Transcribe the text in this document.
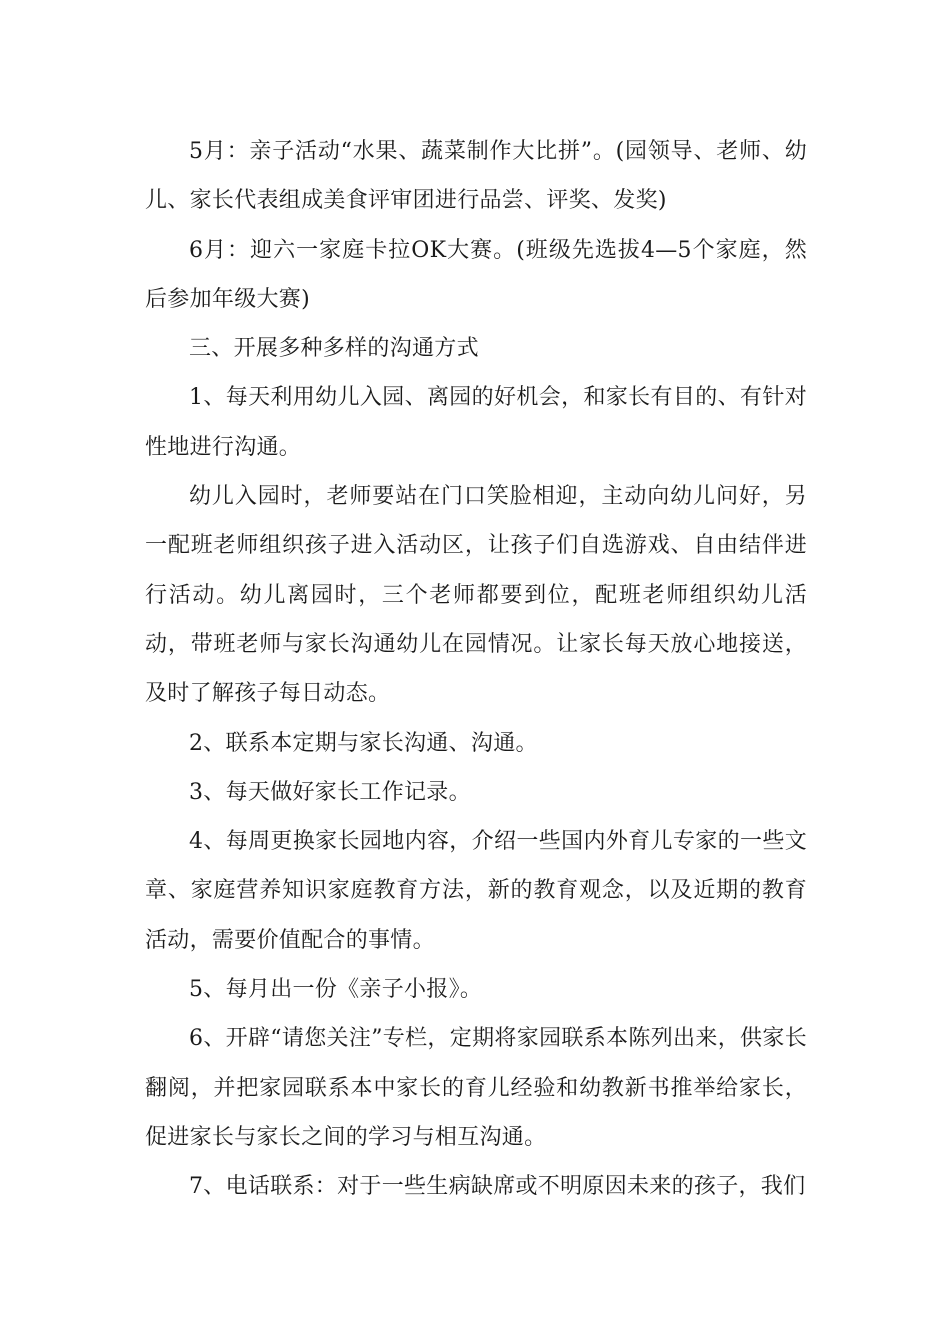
5月：亲子活动“水果、蔬菜制作大比拼”。(园领导、老师、幼儿、家长代表组成美食评审团进行品尝、评奖、发奖)

6月：迎六一家庭卡拉OK大赛。(班级先选拔4—5个家庭，然后参加年级大赛)

三、开展多种多样的沟通方式

1、每天利用幼儿入园、离园的好机会，和家长有目的、有针对性地进行沟通。

幼儿入园时，老师要站在门口笑脸相迎，主动向幼儿问好，另一配班老师组织孩子进入活动区，让孩子们自选游戏、自由结伴进行活动。幼儿离园时，三个老师都要到位，配班老师组织幼儿活动，带班老师与家长沟通幼儿在园情况。让家长每天放心地接送，及时了解孩子每日动态。

2、联系本定期与家长沟通、沟通。

3、每天做好家长工作记录。

4、每周更换家长园地内容，介绍一些国内外育儿专家的一些文章、家庭营养知识家庭教育方法，新的教育观念，以及近期的教育活动，需要价值配合的事情。

5、每月出一份《亲子小报》。

6、开辟“请您关注”专栏，定期将家园联系本陈列出来，供家长翻阅，并把家园联系本中家长的育儿经验和幼教新书推举给家长，促进家长与家长之间的学习与相互沟通。

7、电话联系：对于一些生病缺席或不明原因未来的孩子，我们
